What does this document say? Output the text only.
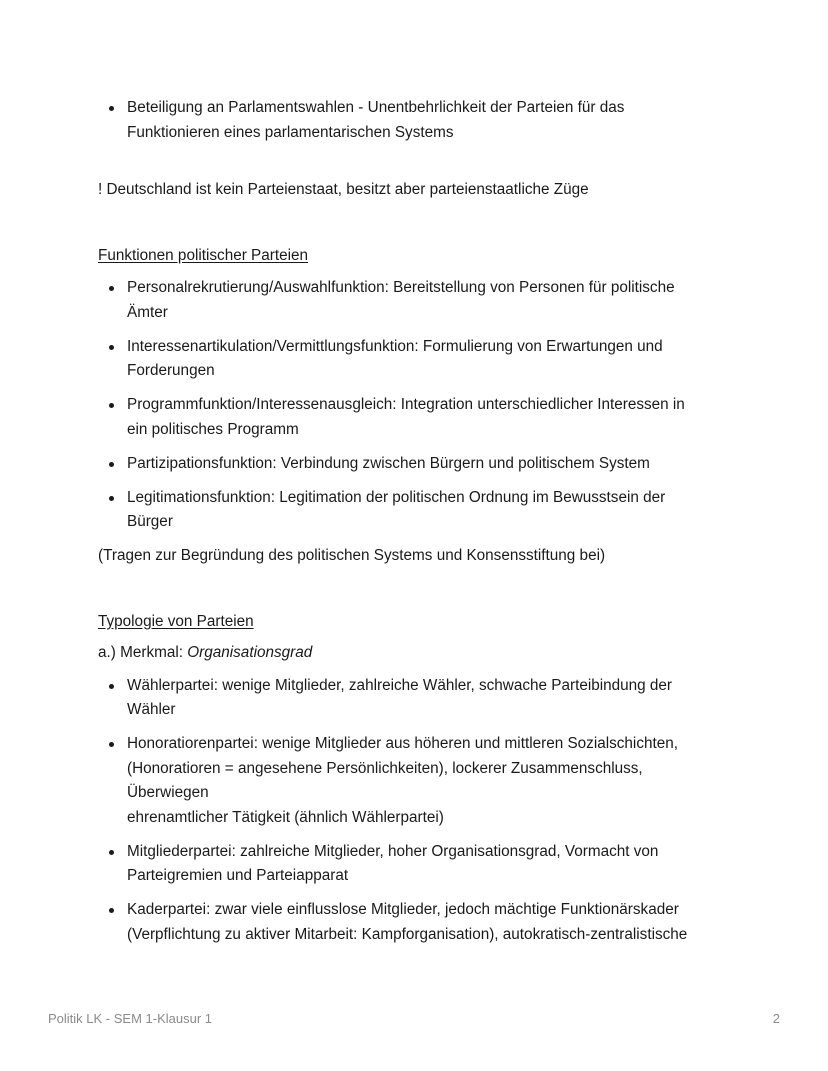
Beteiligung an Parlamentswahlen - Unentbehrlichkeit der Parteien für das
Funktionieren eines parlamentarischen Systems

! Deutschland ist kein Parteienstaat, besitzt aber parteienstaatliche Züge

Funktionen politischer Parteien

Personalrekrutierung/Auswahlfunktion: Bereitstellung von Personen für politische
Ämter
Interessenartikulation/Vermittlungsfunktion: Formulierung von Erwartungen und
Forderungen
Programmfunktion/Interessenausgleich: Integration unterschiedlicher Interessen in
ein politisches Programm
Partizipationsfunktion: Verbindung zwischen Bürgern und politischem System
Legitimationsfunktion: Legitimation der politischen Ordnung im Bewusstsein der
Bürger

(Tragen zur Begründung des politischen Systems und Konsensstiftung bei)

Typologie von Parteien

a.) Merkmal: Organisationsgrad

Wählerpartei: wenige Mitglieder, zahlreiche Wähler, schwache Parteibindung der
Wähler
Honoratiorenpartei: wenige Mitglieder aus höheren und mittleren Sozialschichten,
(Honoratioren = angesehene Persönlichkeiten), lockerer Zusammenschluss,
Überwiegen
ehrenamtlicher Tätigkeit (ähnlich Wählerpartei)
Mitgliederpartei: zahlreiche Mitglieder, hoher Organisationsgrad, Vormacht von
Parteigremien und Parteiapparat
Kaderpartei: zwar viele einflusslose Mitglieder, jedoch mächtige Funktionärskader
(Verpflichtung zu aktiver Mitarbeit: Kampforganisation), autokratisch-zentralistische
Politik LK - SEM 1-Klausur 1	2
